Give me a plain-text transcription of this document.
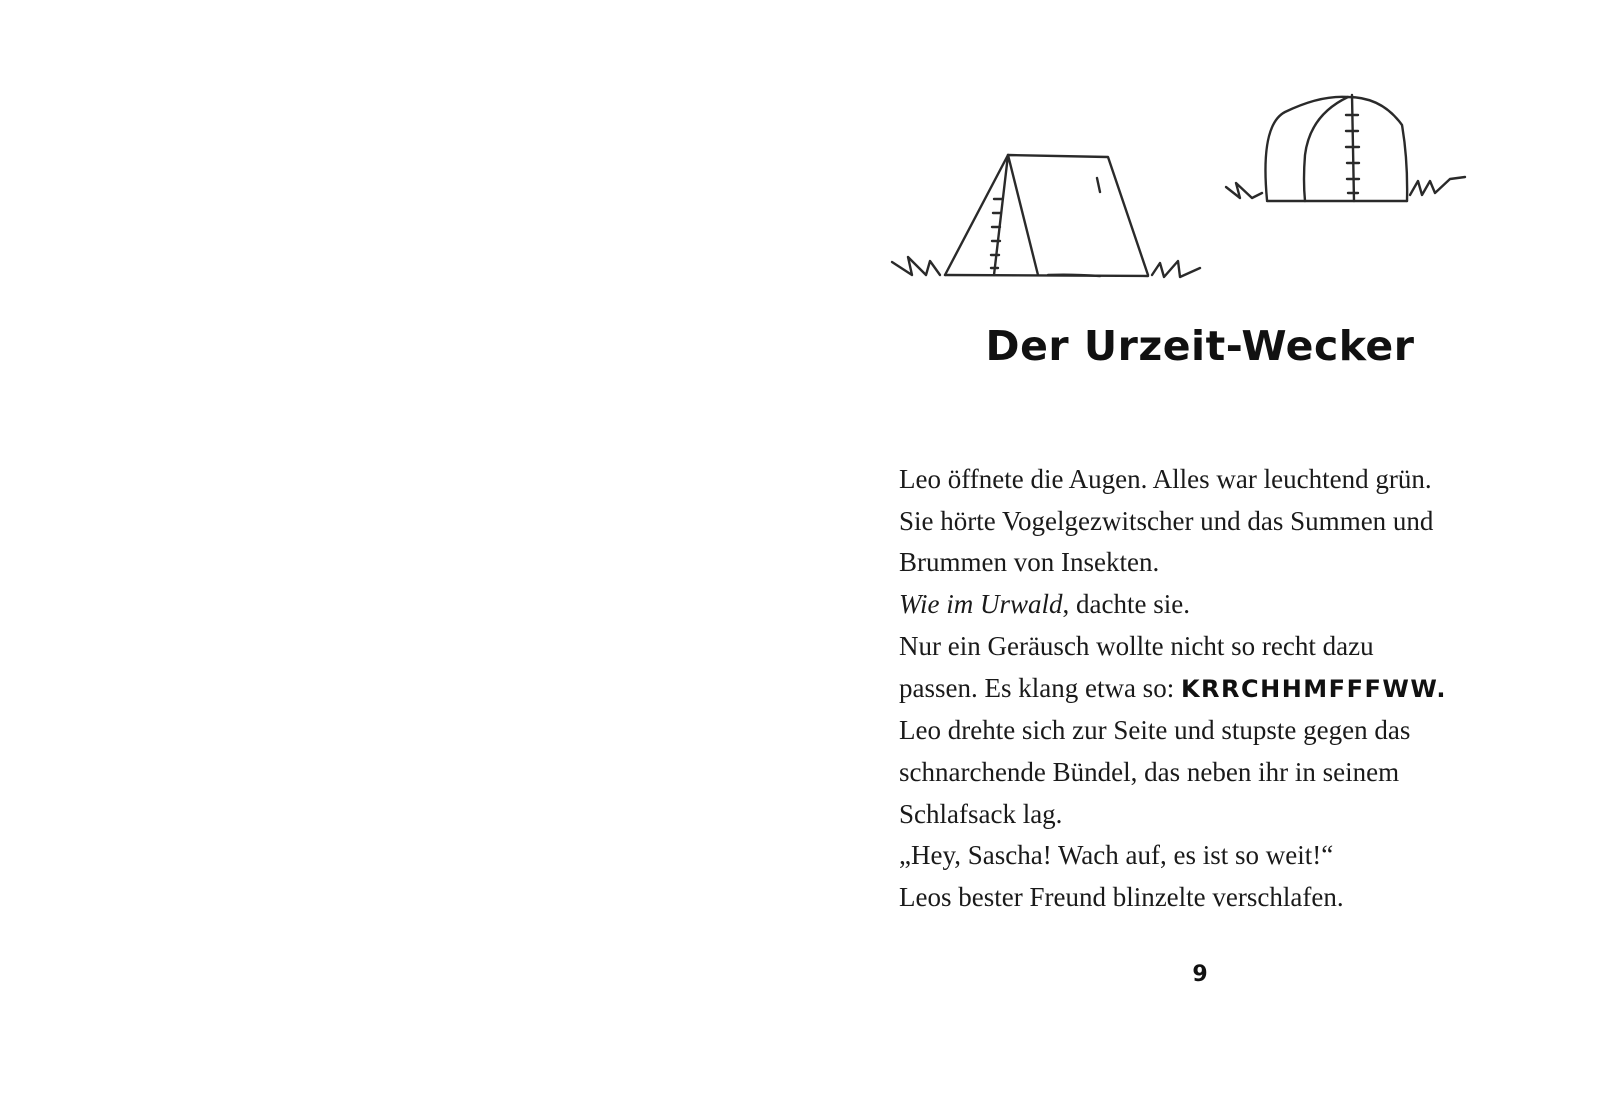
Der Urzeit-Wecker
Leo öffnete die Augen. Alles war leuchtend grün.
Sie hörte Vogelgezwitscher und das Summen und
Brummen von Insekten.
Wie im Urwald, dachte sie.
Nur ein Geräusch wollte nicht so recht dazu
passen. Es klang etwa so: KRRCHHMFFFWW.
Leo drehte sich zur Seite und stupste gegen das
schnarchende Bündel, das neben ihr in seinem
Schlafsack lag.
„Hey, Sascha! Wach auf, es ist so weit!“
Leos bester Freund blinzelte verschlafen.
9
